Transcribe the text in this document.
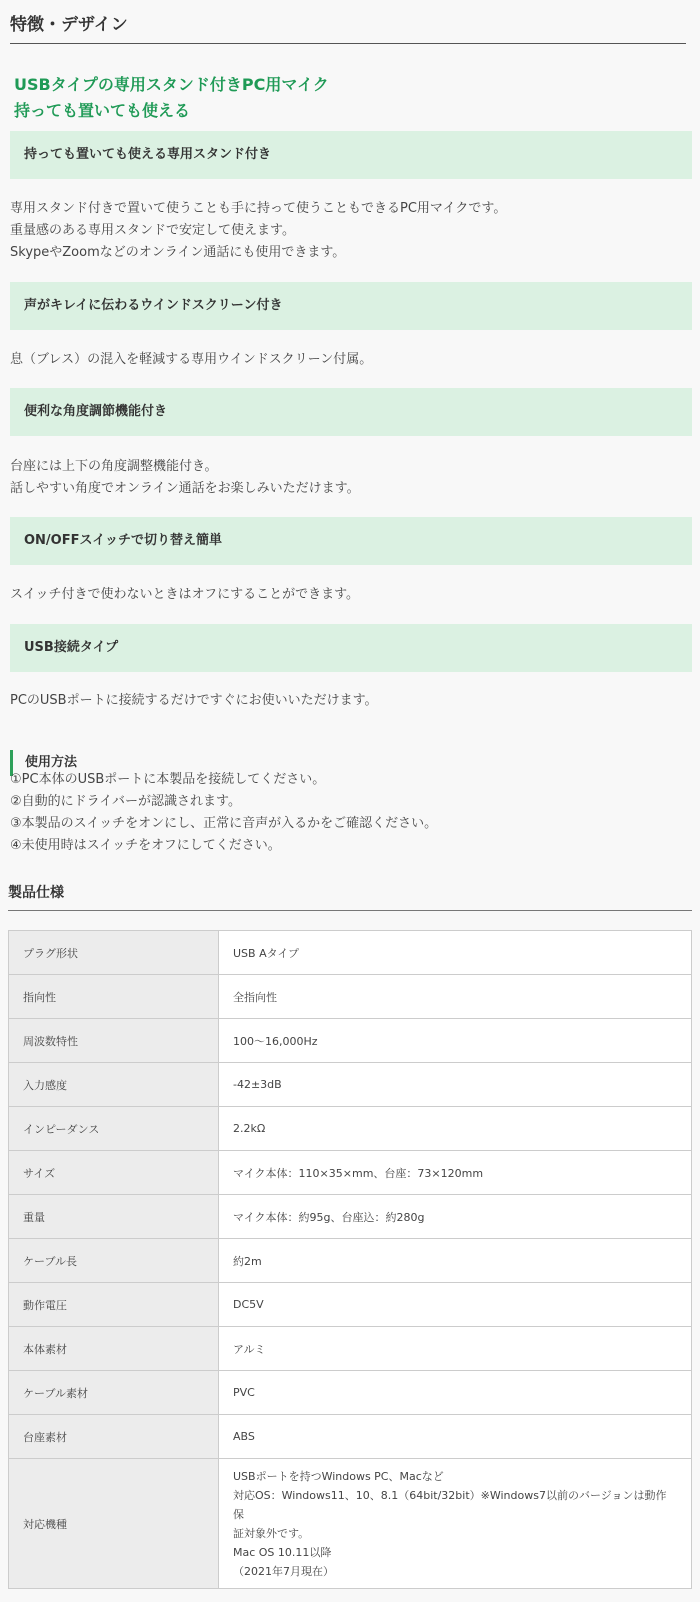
特徴・デザイン
USBタイプの専用スタンド付きPC用マイク
持っても置いても使える
持っても置いても使える専用スタンド付き
専用スタンド付きで置いて使うことも手に持って使うこともできるPC用マイクです。
重量感のある専用スタンドで安定して使えます。
SkypeやZoomなどのオンライン通話にも使用できます。
声がキレイに伝わるウインドスクリーン付き
息（ブレス）の混入を軽減する専用ウインドスクリーン付属。
便利な角度調節機能付き
台座には上下の角度調整機能付き。
話しやすい角度でオンライン通話をお楽しみいただけます。
ON/OFFスイッチで切り替え簡単
スイッチ付きで使わないときはオフにすることができます。
USB接続タイプ
PCのUSBポートに接続するだけですぐにお使いいただけます。
使用方法
①PC本体のUSBポートに本製品を接続してください。
②自動的にドライバーが認識されます。
③本製品のスイッチをオンにし、正常に音声が入るかをご確認ください。
④未使用時はスイッチをオフにしてください。
製品仕様
プラグ形状	USB Aタイプ
指向性	全指向性
周波数特性	100～16,000Hz
入力感度	-42±3dB
インピーダンス	2.2kΩ
サイズ	マイク本体：110×35×mm、台座：73×120mm
重量	マイク本体：約95g、台座込：約280g
ケーブル長	約2m
動作電圧	DC5V
本体素材	アルミ
ケーブル素材	PVC
台座素材	ABS
対応機種	USBポートを持つWindows PC、Macなど
対応OS：Windows11、10、8.1（64bit/32bit）※Windows7以前のバージョンは動作保
証対象外です。
Mac OS 10.11以降
（2021年7月現在）
